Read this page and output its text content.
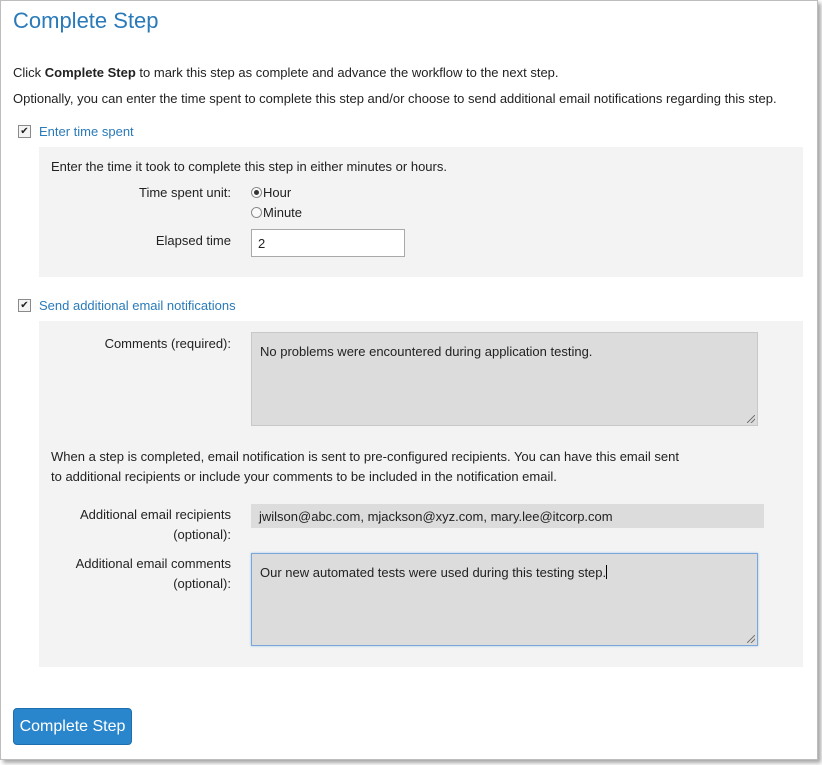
Complete Step
Click Complete Step to mark this step as complete and advance the workflow to the next step.
Optionally, you can enter the time spent to complete this step and/or choose to send additional email notifications regarding this step.
✔ Enter time spent
Enter the time it took to complete this step in either minutes or hours.
Time spent unit: Hour
Minute
Elapsed time	2
✔ Send additional email notifications
Comments (required):
No problems were encountered during application testing.
When a step is completed, email notification is sent to pre-configured recipients. You can have this email sent
to additional recipients or include your comments to be included in the notification email.
Additional email recipients
(optional):
jwilson@abc.com, mjackson@xyz.com, mary.lee@itcorp.com
Additional email comments
(optional):
Our new automated tests were used during this testing step.
Complete Step
